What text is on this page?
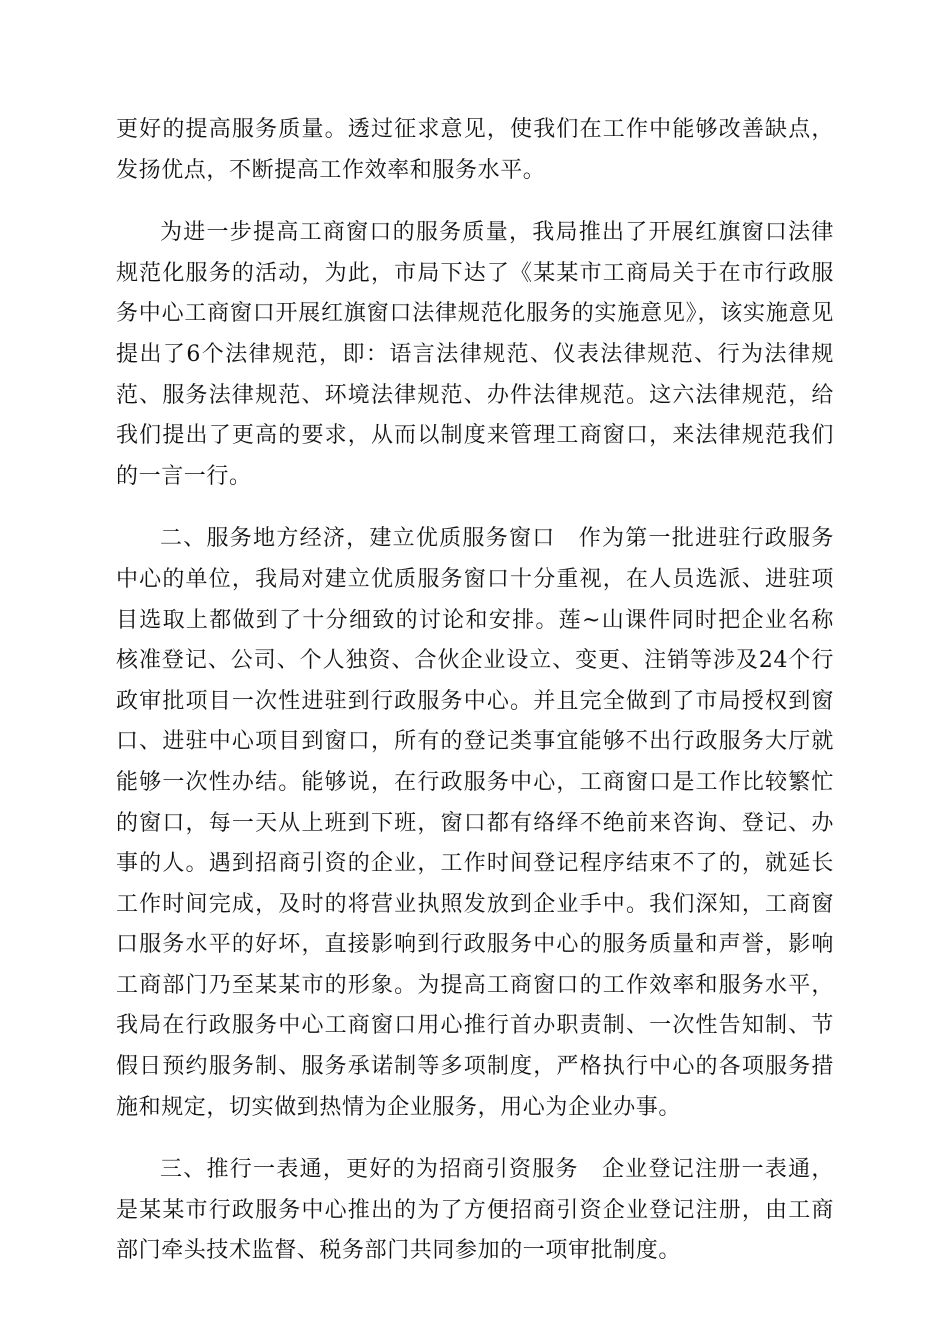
更好的提高服务质量。透过征求意见，使我们在工作中能够改善缺点，发扬优点，不断提高工作效率和服务水平。

为进一步提高工商窗口的服务质量，我局推出了开展红旗窗口法律规范化服务的活动，为此，市局下达了《某某市工商局关于在市行政服务中心工商窗口开展红旗窗口法律规范化服务的实施意见》，该实施意见提出了6个法律规范，即：语言法律规范、仪表法律规范、行为法律规范、服务法律规范、环境法律规范、办件法律规范。这六法律规范，给我们提出了更高的要求，从而以制度来管理工商窗口，来法律规范我们的一言一行。

二、服务地方经济，建立优质服务窗口　作为第一批进驻行政服务中心的单位，我局对建立优质服务窗口十分重视，在人员选派、进驻项目选取上都做到了十分细致的讨论和安排。莲~山课件同时把企业名称核准登记、公司、个人独资、合伙企业设立、变更、注销等涉及24个行政审批项目一次性进驻到行政服务中心。并且完全做到了市局授权到窗口、进驻中心项目到窗口，所有的登记类事宜能够不出行政服务大厅就能够一次性办结。能够说，在行政服务中心，工商窗口是工作比较繁忙的窗口，每一天从上班到下班，窗口都有络绎不绝前来咨询、登记、办事的人。遇到招商引资的企业，工作时间登记程序结束不了的，就延长工作时间完成，及时的将营业执照发放到企业手中。我们深知，工商窗口服务水平的好坏，直接影响到行政服务中心的服务质量和声誉，影响工商部门乃至某某市的形象。为提高工商窗口的工作效率和服务水平，我局在行政服务中心工商窗口用心推行首办职责制、一次性告知制、节假日预约服务制、服务承诺制等多项制度，严格执行中心的各项服务措施和规定，切实做到热情为企业服务，用心为企业办事。

三、推行一表通，更好的为招商引资服务　企业登记注册一表通，是某某市行政服务中心推出的为了方便招商引资企业登记注册，由工商部门牵头技术监督、税务部门共同参加的一项审批制度。
